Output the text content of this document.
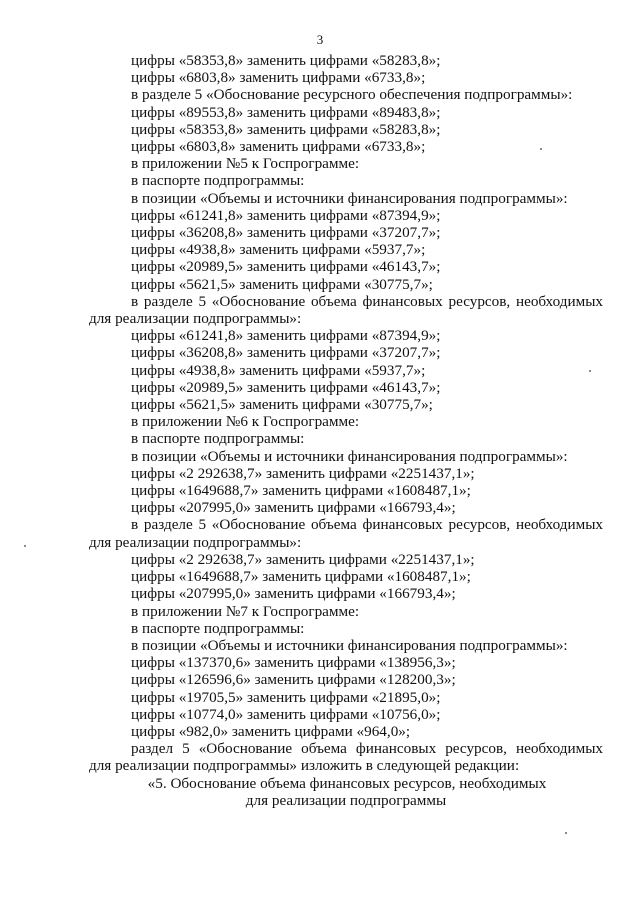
3
цифры «58353,8» заменить цифрами «58283,8»;
цифры «6803,8» заменить цифрами «6733,8»;
в разделе 5 «Обоснование ресурсного обеспечения подпрограммы»:
цифры «89553,8» заменить цифрами «89483,8»;
цифры «58353,8» заменить цифрами «58283,8»;
цифры «6803,8» заменить цифрами «6733,8»;
в приложении №5 к Госпрограмме:
в паспорте подпрограммы:
в позиции «Объемы и источники финансирования подпрограммы»:
цифры «61241,8» заменить цифрами «87394,9»;
цифры «36208,8» заменить цифрами «37207,7»;
цифры «4938,8» заменить цифрами «5937,7»;
цифры «20989,5» заменить цифрами «46143,7»;
цифры «5621,5» заменить цифрами «30775,7»;
в разделе 5 «Обоснование объема финансовых ресурсов, необходимых
для реализации подпрограммы»:
цифры «61241,8» заменить цифрами «87394,9»;
цифры «36208,8» заменить цифрами «37207,7»;
цифры «4938,8» заменить цифрами «5937,7»;
цифры «20989,5» заменить цифрами «46143,7»;
цифры «5621,5» заменить цифрами «30775,7»;
в приложении №6 к Госпрограмме:
в паспорте подпрограммы:
в позиции «Объемы и источники финансирования подпрограммы»:
цифры «2 292638,7» заменить цифрами «2251437,1»;
цифры «1649688,7» заменить цифрами «1608487,1»;
цифры «207995,0» заменить цифрами «166793,4»;
в разделе 5 «Обоснование объема финансовых ресурсов, необходимых
для реализации подпрограммы»:
цифры «2 292638,7» заменить цифрами «2251437,1»;
цифры «1649688,7» заменить цифрами «1608487,1»;
цифры «207995,0» заменить цифрами «166793,4»;
в приложении №7 к Госпрограмме:
в паспорте подпрограммы:
в позиции «Объемы и источники финансирования подпрограммы»:
цифры «137370,6» заменить цифрами «138956,3»;
цифры «126596,6» заменить цифрами «128200,3»;
цифры «19705,5» заменить цифрами «21895,0»;
цифры «10774,0» заменить цифрами «10756,0»;
цифры «982,0» заменить цифрами «964,0»;
раздел 5 «Обоснование объема финансовых ресурсов, необходимых
для реализации подпрограммы» изложить в следующей редакции:
«5. Обоснование объема финансовых ресурсов, необходимых
для реализации подпрограммы
